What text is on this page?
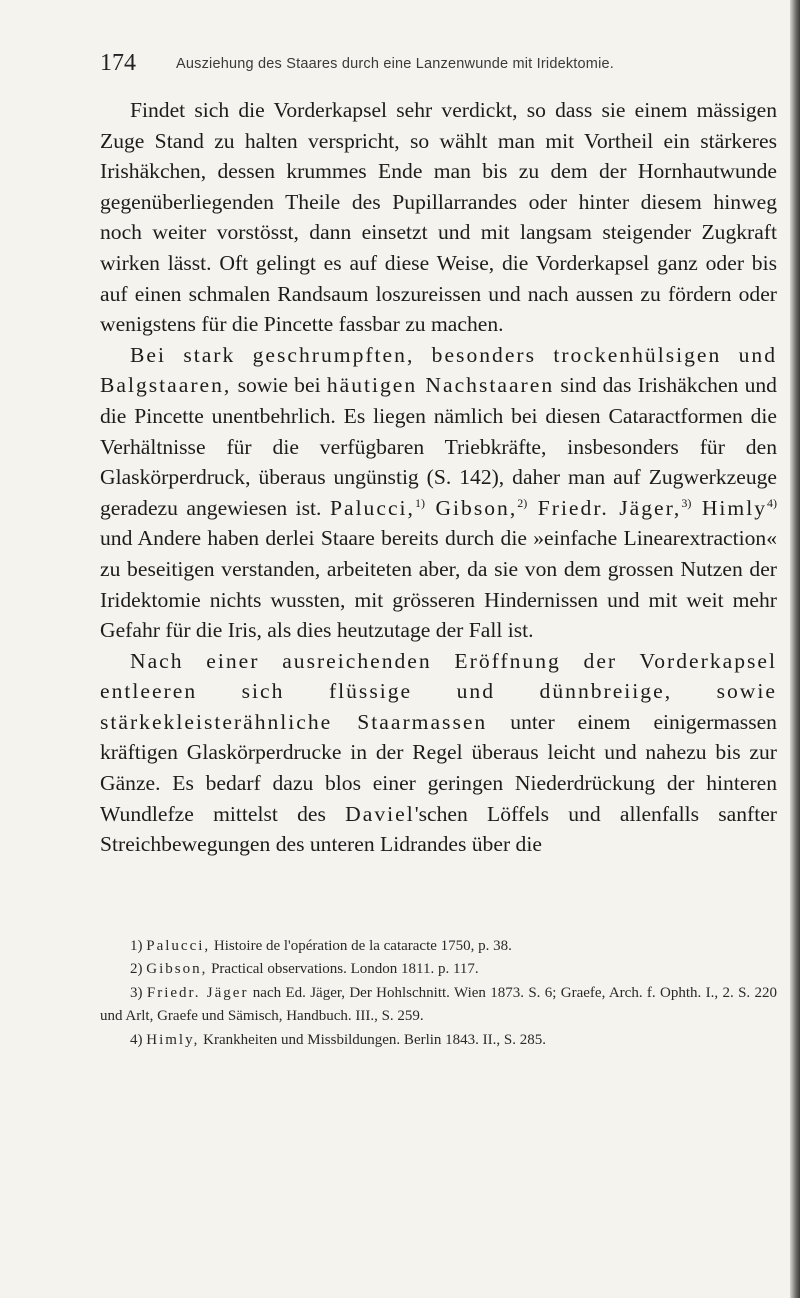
174	Ausziehung des Staares durch eine Lanzenwunde mit Iridektomie.

Findet sich die Vorderkapsel sehr verdickt, so dass sie einem mässigen Zuge Stand zu halten verspricht, so wählt man mit Vortheil ein stärkeres Irishäkchen, dessen krummes Ende man bis zu dem der Hornhautwunde gegenüberliegenden Theile des Pupillarrandes oder hinter diesem hinweg noch weiter vorstösst, dann einsetzt und mit langsam steigender Zugkraft wirken lässt. Oft gelingt es auf diese Weise, die Vorderkapsel ganz oder bis auf einen schmalen Randsaum loszureissen und nach aussen zu fördern oder wenigstens für die Pincette fassbar zu machen.

Bei stark geschrumpften, besonders trockenhülsigen und Balgstaaren, sowie bei häutigen Nachstaaren sind das Irishäkchen und die Pincette unentbehrlich. Es liegen nämlich bei diesen Cataractformen die Verhältnisse für die verfügbaren Triebkräfte, insbesonders für den Glaskörperdruck, überaus ungünstig (S. 142), daher man auf Zugwerkzeuge geradezu angewiesen ist. Palucci,$^{1)}$ Gibson,$^{2)}$ Friedr. Jäger,$^{3)}$ Himly$^{4)}$ und Andere haben derlei Staare bereits durch die »einfache Linearextraction« zu beseitigen verstanden, arbeiteten aber, da sie von dem grossen Nutzen der Iridektomie nichts wussten, mit grösseren Hindernissen und mit weit mehr Gefahr für die Iris, als dies heutzutage der Fall ist.

Nach einer ausreichenden Eröffnung der Vorderkapsel entleeren sich flüssige und dünnbreiige, sowie stärkekleisterähnliche Staarmassen unter einem einigermassen kräftigen Glaskörperdrucke in der Regel überaus leicht und nahezu bis zur Gänze. Es bedarf dazu blos einer geringen Niederdrückung der hinteren Wundlefze mittelst des Daviel'schen Löffels und allenfalls sanfter Streichbewegungen des unteren Lidrandes über die

1) Palucci, Histoire de l'opération de la cataracte 1750, p. 38.

2) Gibson, Practical observations. London 1811. p. 117.

3) Friedr. Jäger nach Ed. Jäger, Der Hohlschnitt. Wien 1873. S. 6; Graefe, Arch. f. Ophth. I., 2. S. 220 und Arlt, Graefe und Sämisch, Handbuch. III., S. 259.

4) Himly, Krankheiten und Missbildungen. Berlin 1843. II., S. 285.
